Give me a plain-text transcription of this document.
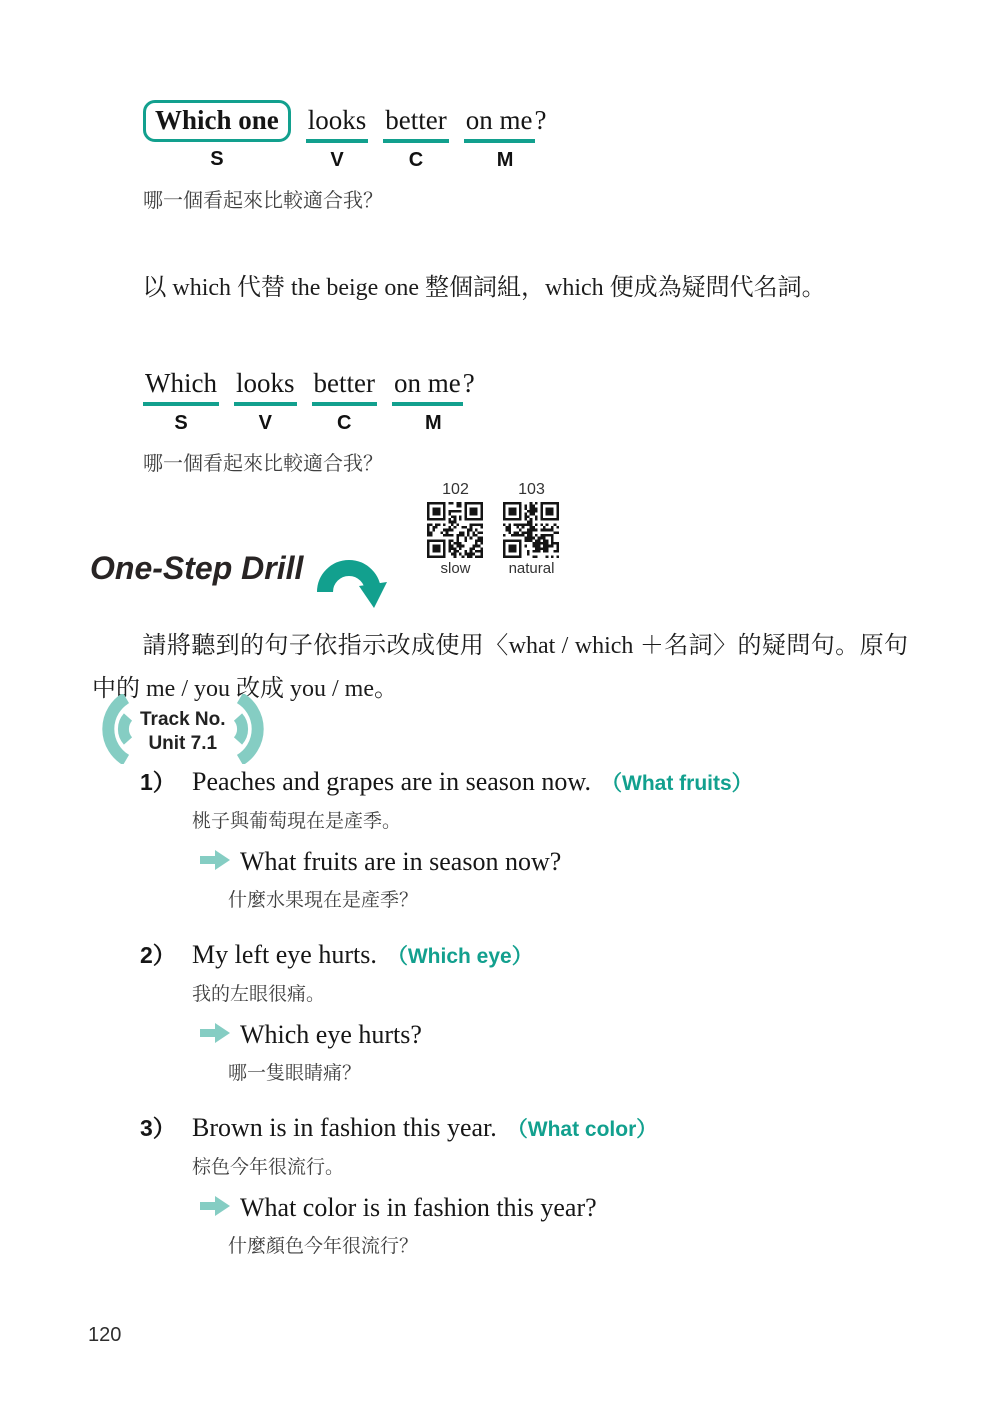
Which one
S
looks
V
better
C
on me?
M
哪一個看起來比較適合我？

以 which 代替 the beige one 整個詞組，which 便成為疑問代名詞。

Which
S
looks
V
better
C
on me?
M
哪一個看起來比較適合我？
102
slow
103
natural
One-Step Drill

請將聽到的句子依指示改成使用〈what / which ＋名詞〉的疑問句。原句中的 me / you 改成 you / me。

Track No.
Unit 7.1
1） Peaches and grapes are in season now. （What fruits）
桃子與葡萄現在是產季。
What fruits are in season now?
什麼水果現在是產季？
2） My left eye hurts. （Which eye）
我的左眼很痛。
Which eye hurts?
哪一隻眼睛痛？
3） Brown is in fashion this year. （What color）
棕色今年很流行。
What color is in fashion this year?
什麼顏色今年很流行？
120
